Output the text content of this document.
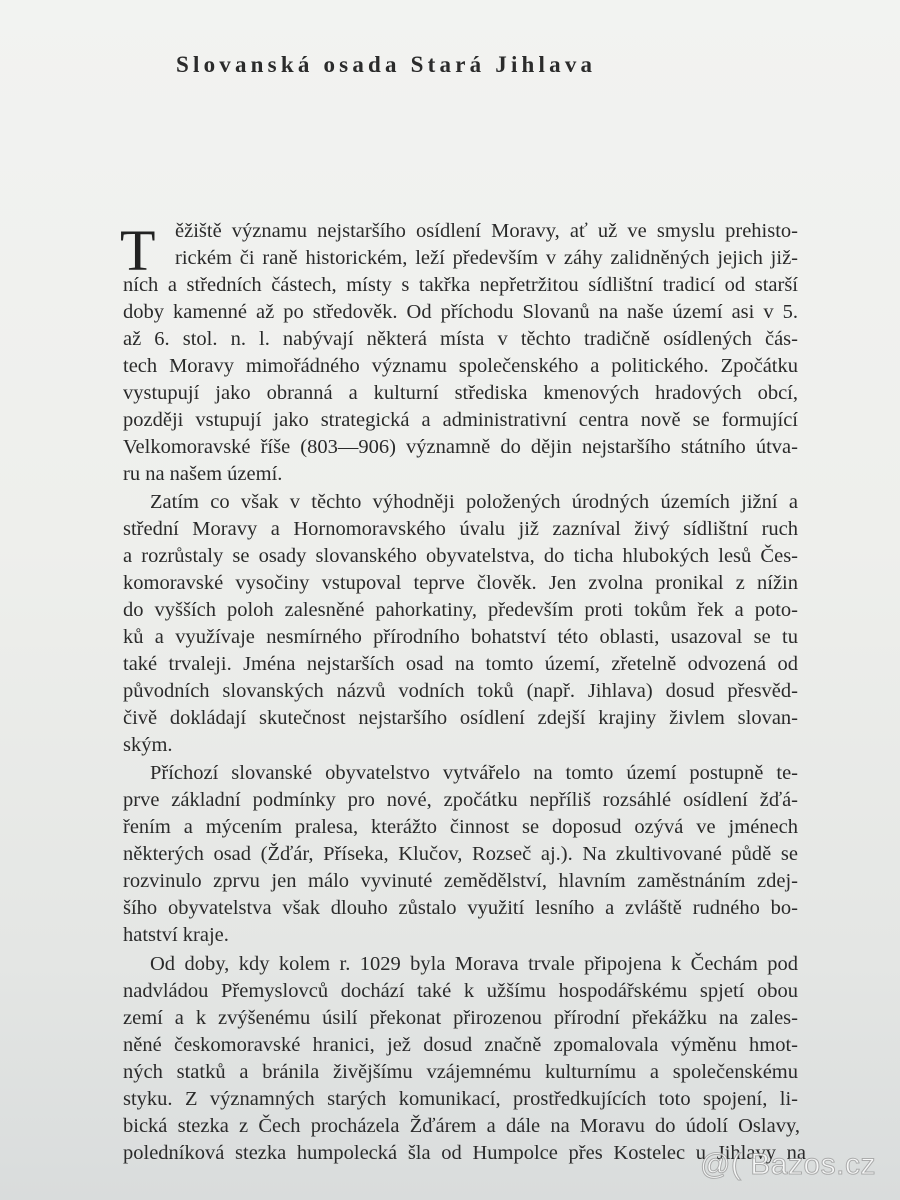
Slovanská osada Stará Jihlava
T ěžiště významu nejstaršího osídlení Moravy, ať už ve smyslu prehisto-
rickém či raně historickém, leží především v záhy zalidněných jejich již-
ních a středních částech, místy s takřka nepřetržitou sídlištní tradicí od starší
doby kamenné až po středověk. Od příchodu Slovanů na naše území asi v 5.
až 6. stol. n. l. nabývají některá místa v těchto tradičně osídlených čás-
tech Moravy mimořádného významu společenského a politického. Zpočátku
vystupují jako obranná a kulturní střediska kmenových hradových obcí,
později vstupují jako strategická a administrativní centra nově se formující
Velkomoravské říše (803—906) významně do dějin nejstaršího státního útva-
ru na našem území.
Zatím co však v těchto výhodněji položených úrodných územích jižní a
střední Moravy a Hornomoravského úvalu již zazníval živý sídlištní ruch
a rozrůstaly se osady slovanského obyvatelstva, do ticha hlubokých lesů Čes-
komoravské vysočiny vstupoval teprve člověk. Jen zvolna pronikal z nížin
do vyšších poloh zalesněné pahorkatiny, především proti tokům řek a poto-
ků a využívaje nesmírného přírodního bohatství této oblasti, usazoval se tu
také trvaleji. Jména nejstarších osad na tomto území, zřetelně odvozená od
původních slovanských názvů vodních toků (např. Jihlava) dosud přesvěd-
čivě dokládají skutečnost nejstaršího osídlení zdejší krajiny živlem slovan-
ským.
Příchozí slovanské obyvatelstvo vytvářelo na tomto území postupně te-
prve základní podmínky pro nové, zpočátku nepříliš rozsáhlé osídlení žďá-
řením a mýcením pralesa, kterážto činnost se doposud ozývá ve jménech
některých osad (Žďár, Příseka, Klučov, Rozseč aj.). Na zkultivované půdě se
rozvinulo zprvu jen málo vyvinuté zemědělství, hlavním zaměstnáním zdej-
šího obyvatelstva však dlouho zůstalo využití lesního a zvláště rudného bo-
hatství kraje.
Od doby, kdy kolem r. 1029 byla Morava trvale připojena k Čechám pod
nadvládou Přemyslovců dochází také k užšímu hospodářskému spjetí obou
zemí a k zvýšenému úsilí překonat přirozenou přírodní překážku na zales-
něné českomoravské hranici, jež dosud značně zpomalovala výměnu hmot-
ných statků a bránila živějšímu vzájemnému kulturnímu a společenskému
styku. Z významných starých komunikací, prostředkujících toto spojení, li-
bická stezka z Čech procházela Žďárem a dále na Moravu do údolí Oslavy,
poledníková stezka humpolecká šla od Humpolce přes Kostelec u Jihlavy na
@( Bazos.cz
